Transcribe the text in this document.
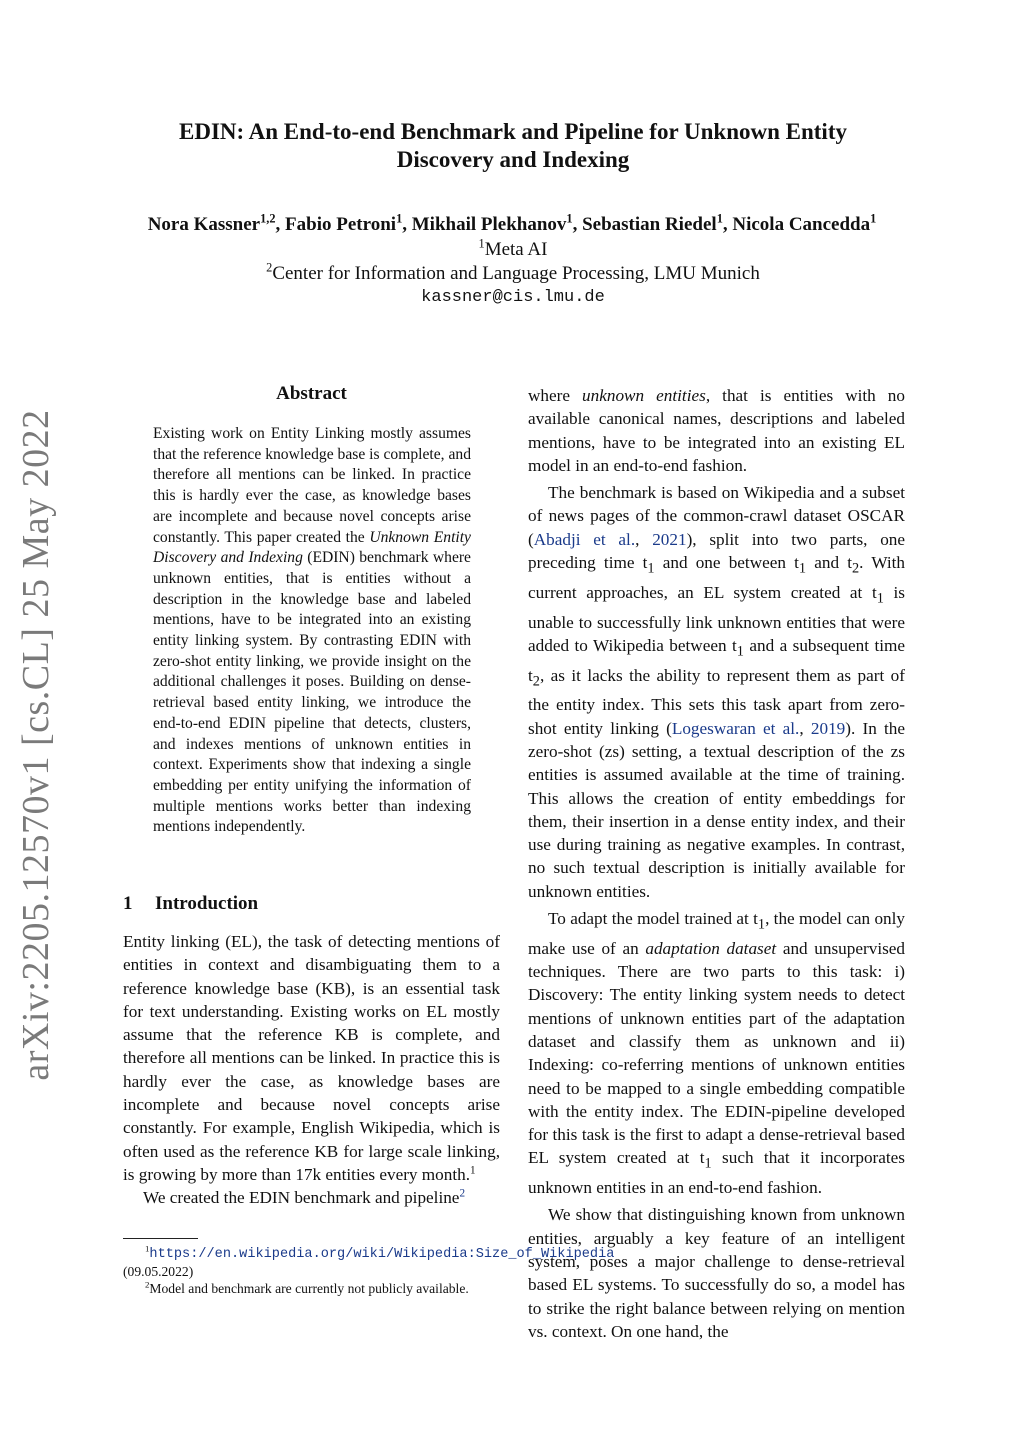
arXiv:2205.12570v1 [cs.CL] 25 May 2022
EDIN: An End-to-end Benchmark and Pipeline for Unknown Entity Discovery and Indexing
Nora Kassner$^{1,2}$, Fabio Petroni$^1$, Mikhail Plekhanov$^1$, Sebastian Riedel$^1$, Nicola Cancedda$^1$
$^1$Meta AI
$^2$Center for Information and Language Processing, LMU Munich
kassner@cis.lmu.de
Abstract
Existing work on Entity Linking mostly assumes that the reference knowledge base is complete, and therefore all mentions can be linked. In practice this is hardly ever the case, as knowledge bases are incomplete and because novel concepts arise constantly. This paper created the Unknown Entity Discovery and Indexing (EDIN) benchmark where unknown entities, that is entities without a description in the knowledge base and labeled mentions, have to be integrated into an existing entity linking system. By contrasting EDIN with zero-shot entity linking, we provide insight on the additional challenges it poses. Building on dense-retrieval based entity linking, we introduce the end-to-end EDIN pipeline that detects, clusters, and indexes mentions of unknown entities in context. Experiments show that indexing a single embedding per entity unifying the information of multiple mentions works better than indexing mentions independently.
1 Introduction

Entity linking (EL), the task of detecting mentions of entities in context and disambiguating them to a reference knowledge base (KB), is an essential task for text understanding. Existing works on EL mostly assume that the reference KB is complete, and therefore all mentions can be linked. In practice this is hardly ever the case, as knowledge bases are incomplete and because novel concepts arise constantly. For example, English Wikipedia, which is often used as the reference KB for large scale linking, is growing by more than 17k entities every month.$^1$

We created the EDIN benchmark and pipeline$^2$

$^1$https://en.wikipedia.org/wiki/Wikipedia:Size_of_Wikipedia (09.05.2022)

$^2$Model and benchmark are currently not publicly available.

where unknown entities, that is entities with no available canonical names, descriptions and labeled mentions, have to be integrated into an existing EL model in an end-to-end fashion.

The benchmark is based on Wikipedia and a subset of news pages of the common-crawl dataset OSCAR (Abadji et al., 2021), split into two parts, one preceding time $t_1$ and one between $t_1$ and $t_2$. With current approaches, an EL system created at $t_1$ is unable to successfully link unknown entities that were added to Wikipedia between $t_1$ and a subsequent time $t_2$, as it lacks the ability to represent them as part of the entity index. This sets this task apart from zero-shot entity linking (Logeswaran et al., 2019). In the zero-shot (zs) setting, a textual description of the zs entities is assumed available at the time of training. This allows the creation of entity embeddings for them, their insertion in a dense entity index, and their use during training as negative examples. In contrast, no such textual description is initially available for unknown entities.

To adapt the model trained at $t_1$, the model can only make use of an adaptation dataset and unsupervised techniques. There are two parts to this task: i) Discovery: The entity linking system needs to detect mentions of unknown entities part of the adaptation dataset and classify them as unknown and ii) Indexing: co-referring mentions of unknown entities need to be mapped to a single embedding compatible with the entity index. The EDIN-pipeline developed for this task is the first to adapt a dense-retrieval based EL system created at $t_1$ such that it incorporates unknown entities in an end-to-end fashion.

We show that distinguishing known from unknown entities, arguably a key feature of an intelligent system, poses a major challenge to dense-retrieval based EL systems. To successfully do so, a model has to strike the right balance between relying on mention vs. context. On one hand, the
